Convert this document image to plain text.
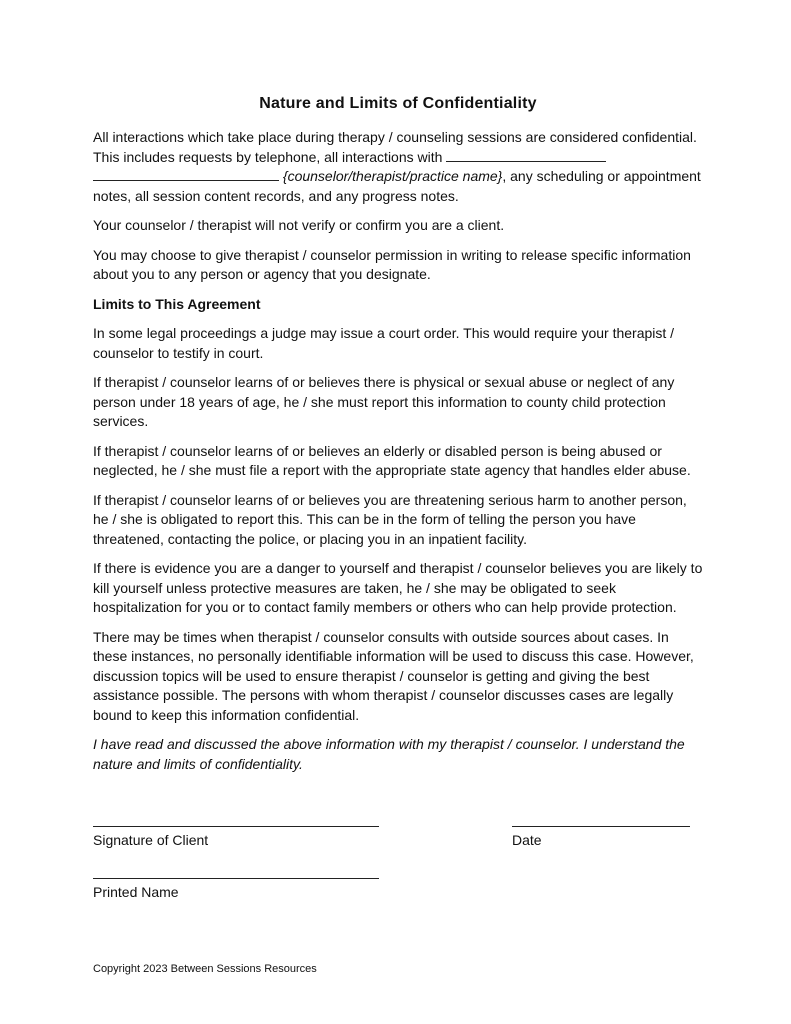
Nature and Limits of Confidentiality

All interactions which take place during therapy / counseling sessions are considered confidential. This includes requests by telephone, all interactions with   {counselor/therapist/practice name}, any scheduling or appointment notes, all session content records, and any progress notes.

Your counselor / therapist will not verify or confirm you are a client.

You may choose to give therapist / counselor permission in writing to release specific information about you to any person or agency that you designate.

Limits to This Agreement

In some legal proceedings a judge may issue a court order. This would require your therapist / counselor to testify in court.

If therapist / counselor learns of or believes there is physical or sexual abuse or neglect of any person under 18 years of age, he / she must report this information to county child protection services.

If therapist / counselor learns of or believes an elderly or disabled person is being abused or neglected, he / she must file a report with the appropriate state agency that handles elder abuse.

If therapist / counselor learns of or believes you are threatening serious harm to another person, he / she is obligated to report this. This can be in the form of telling the person you have threatened, contacting the police, or placing you in an inpatient facility.

If there is evidence you are a danger to yourself and therapist / counselor believes you are likely to kill yourself unless protective measures are taken, he / she may be obligated to seek hospitalization for you or to contact family members or others who can help provide protection.

There may be times when therapist / counselor consults with outside sources about cases. In these instances, no personally identifiable information will be used to discuss this case. However, discussion topics will be used to ensure therapist / counselor is getting and giving the best assistance possible. The persons with whom therapist / counselor discusses cases are legally bound to keep this information confidential.

I have read and discussed the above information with my therapist / counselor. I understand the nature and limits of confidentiality.

Signature of Client	Date
Printed Name
Copyright 2023 Between Sessions Resources
